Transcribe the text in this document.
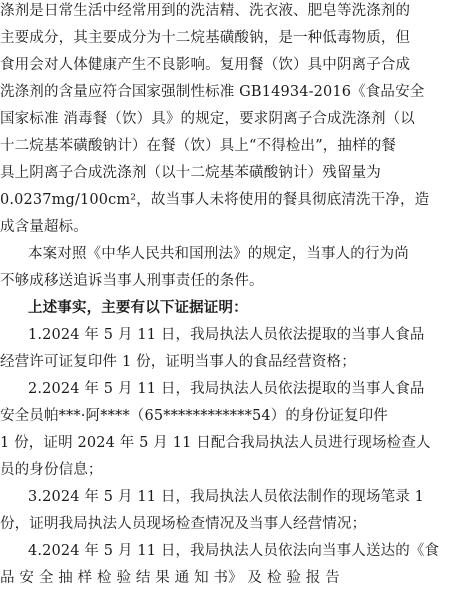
涤剂是日常生活中经常用到的洗洁精、洗衣液、肥皂等洗涤剂的
主要成分，其主要成分为十二烷基磺酸钠，是一种低毒物质，但
食用会对人体健康产生不良影响。复用餐（饮）具中阴离子合成
洗涤剂的含量应符合国家强制性标准 GB14934-2016《食品安全
国家标准 消毒餐（饮）具》的规定，要求阴离子合成洗涤剂（以
十二烷基苯磺酸钠计）在餐（饮）具上“不得检出”，抽样的餐
具上阴离子合成洗涤剂（以十二烷基苯磺酸钠计）残留量为
0.0237mg/100cm²，故当事人未将使用的餐具彻底清洗干净，造
成含量超标。
本案对照《中华人民共和国刑法》的规定，当事人的行为尚
不够成移送追诉当事人刑事责任的条件。
上述事实，主要有以下证据证明：
1.2024 年 5 月 11 日，我局执法人员依法提取的当事人食品
经营许可证复印件 1 份，证明当事人的食品经营资格；
2.2024 年 5 月 11 日，我局执法人员依法提取的当事人食品
安全员帕***·阿****（65************54）的身份证复印件
1 份，证明 2024 年 5 月 11 日配合我局执法人员进行现场检查人
员的身份信息；
3.2024 年 5 月 11 日，我局执法人员依法制作的现场笔录 1
份，证明我局执法人员现场检查情况及当事人经营情况；
4.2024 年 5 月 11 日，我局执法人员依法向当事人送达的《食
品 安 全 抽 样 检 验 结 果 通 知 书》 及 检 验 报 告
